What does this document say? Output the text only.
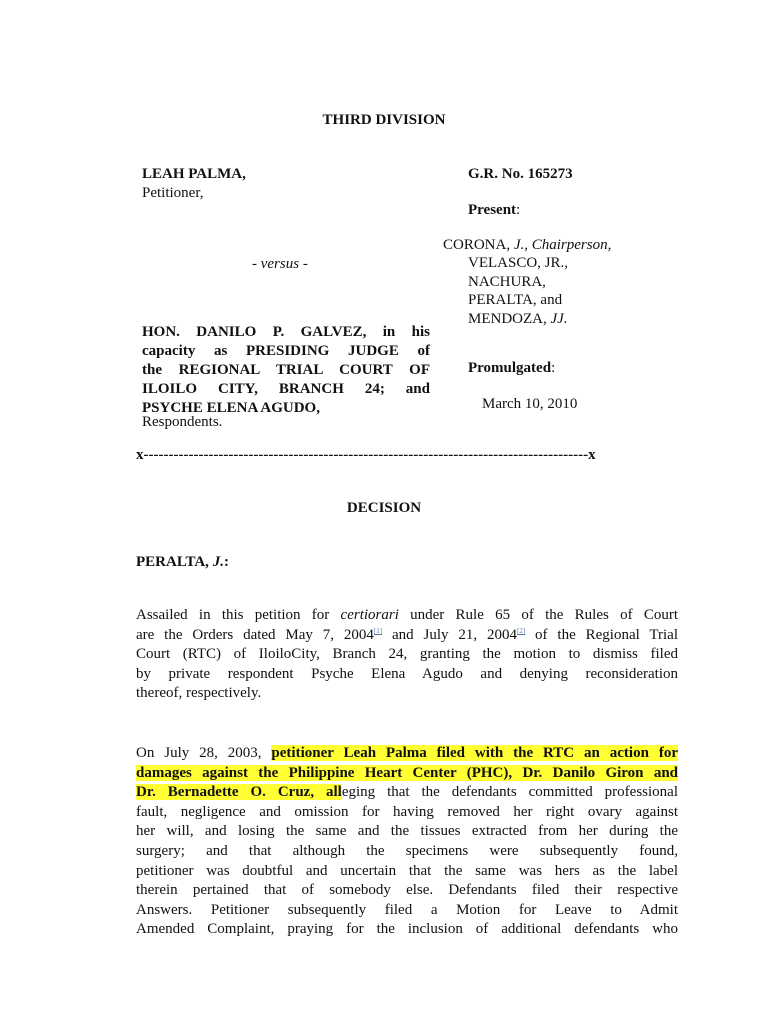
THIRD DIVISION
LEAH PALMA,
Petitioner,
- versus -
HON. DANILO P. GALVEZ, in his
capacity as PRESIDING JUDGE of
the REGIONAL TRIAL COURT OF
ILOILO CITY, BRANCH 24; and
PSYCHE ELENA AGUDO,
Respondents.
G.R. No. 165273
Present:
CORONA, J., Chairperson,
VELASCO, JR.,
NACHURA,
PERALTA, and
MENDOZA, JJ.
Promulgated:
March 10, 2010
x-----------------------------------------------------------------------------------------x
DECISION
PERALTA, J.:
Assailed in this petition for certiorari under Rule 65 of the Rules of Court
are the Orders dated May 7, 2004[1] and July 21, 2004[2] of the Regional Trial
Court (RTC) of IloiloCity, Branch 24, granting the motion to dismiss filed
by private respondent Psyche Elena Agudo and denying reconsideration
thereof, respectively.
On July 28, 2003, petitioner Leah Palma filed with the RTC an action for
damages against the Philippine Heart Center (PHC), Dr. Danilo Giron and
Dr. Bernadette O. Cruz, alleging that the defendants committed professional
fault, negligence and omission for having removed her right ovary against
her will, and losing the same and the tissues extracted from her during the
surgery; and that although the specimens were subsequently found,
petitioner was doubtful and uncertain that the same was hers as the label
therein pertained that of somebody else. Defendants filed their respective
Answers. Petitioner subsequently filed a Motion for Leave to Admit
Amended Complaint, praying for the inclusion of additional defendants who
